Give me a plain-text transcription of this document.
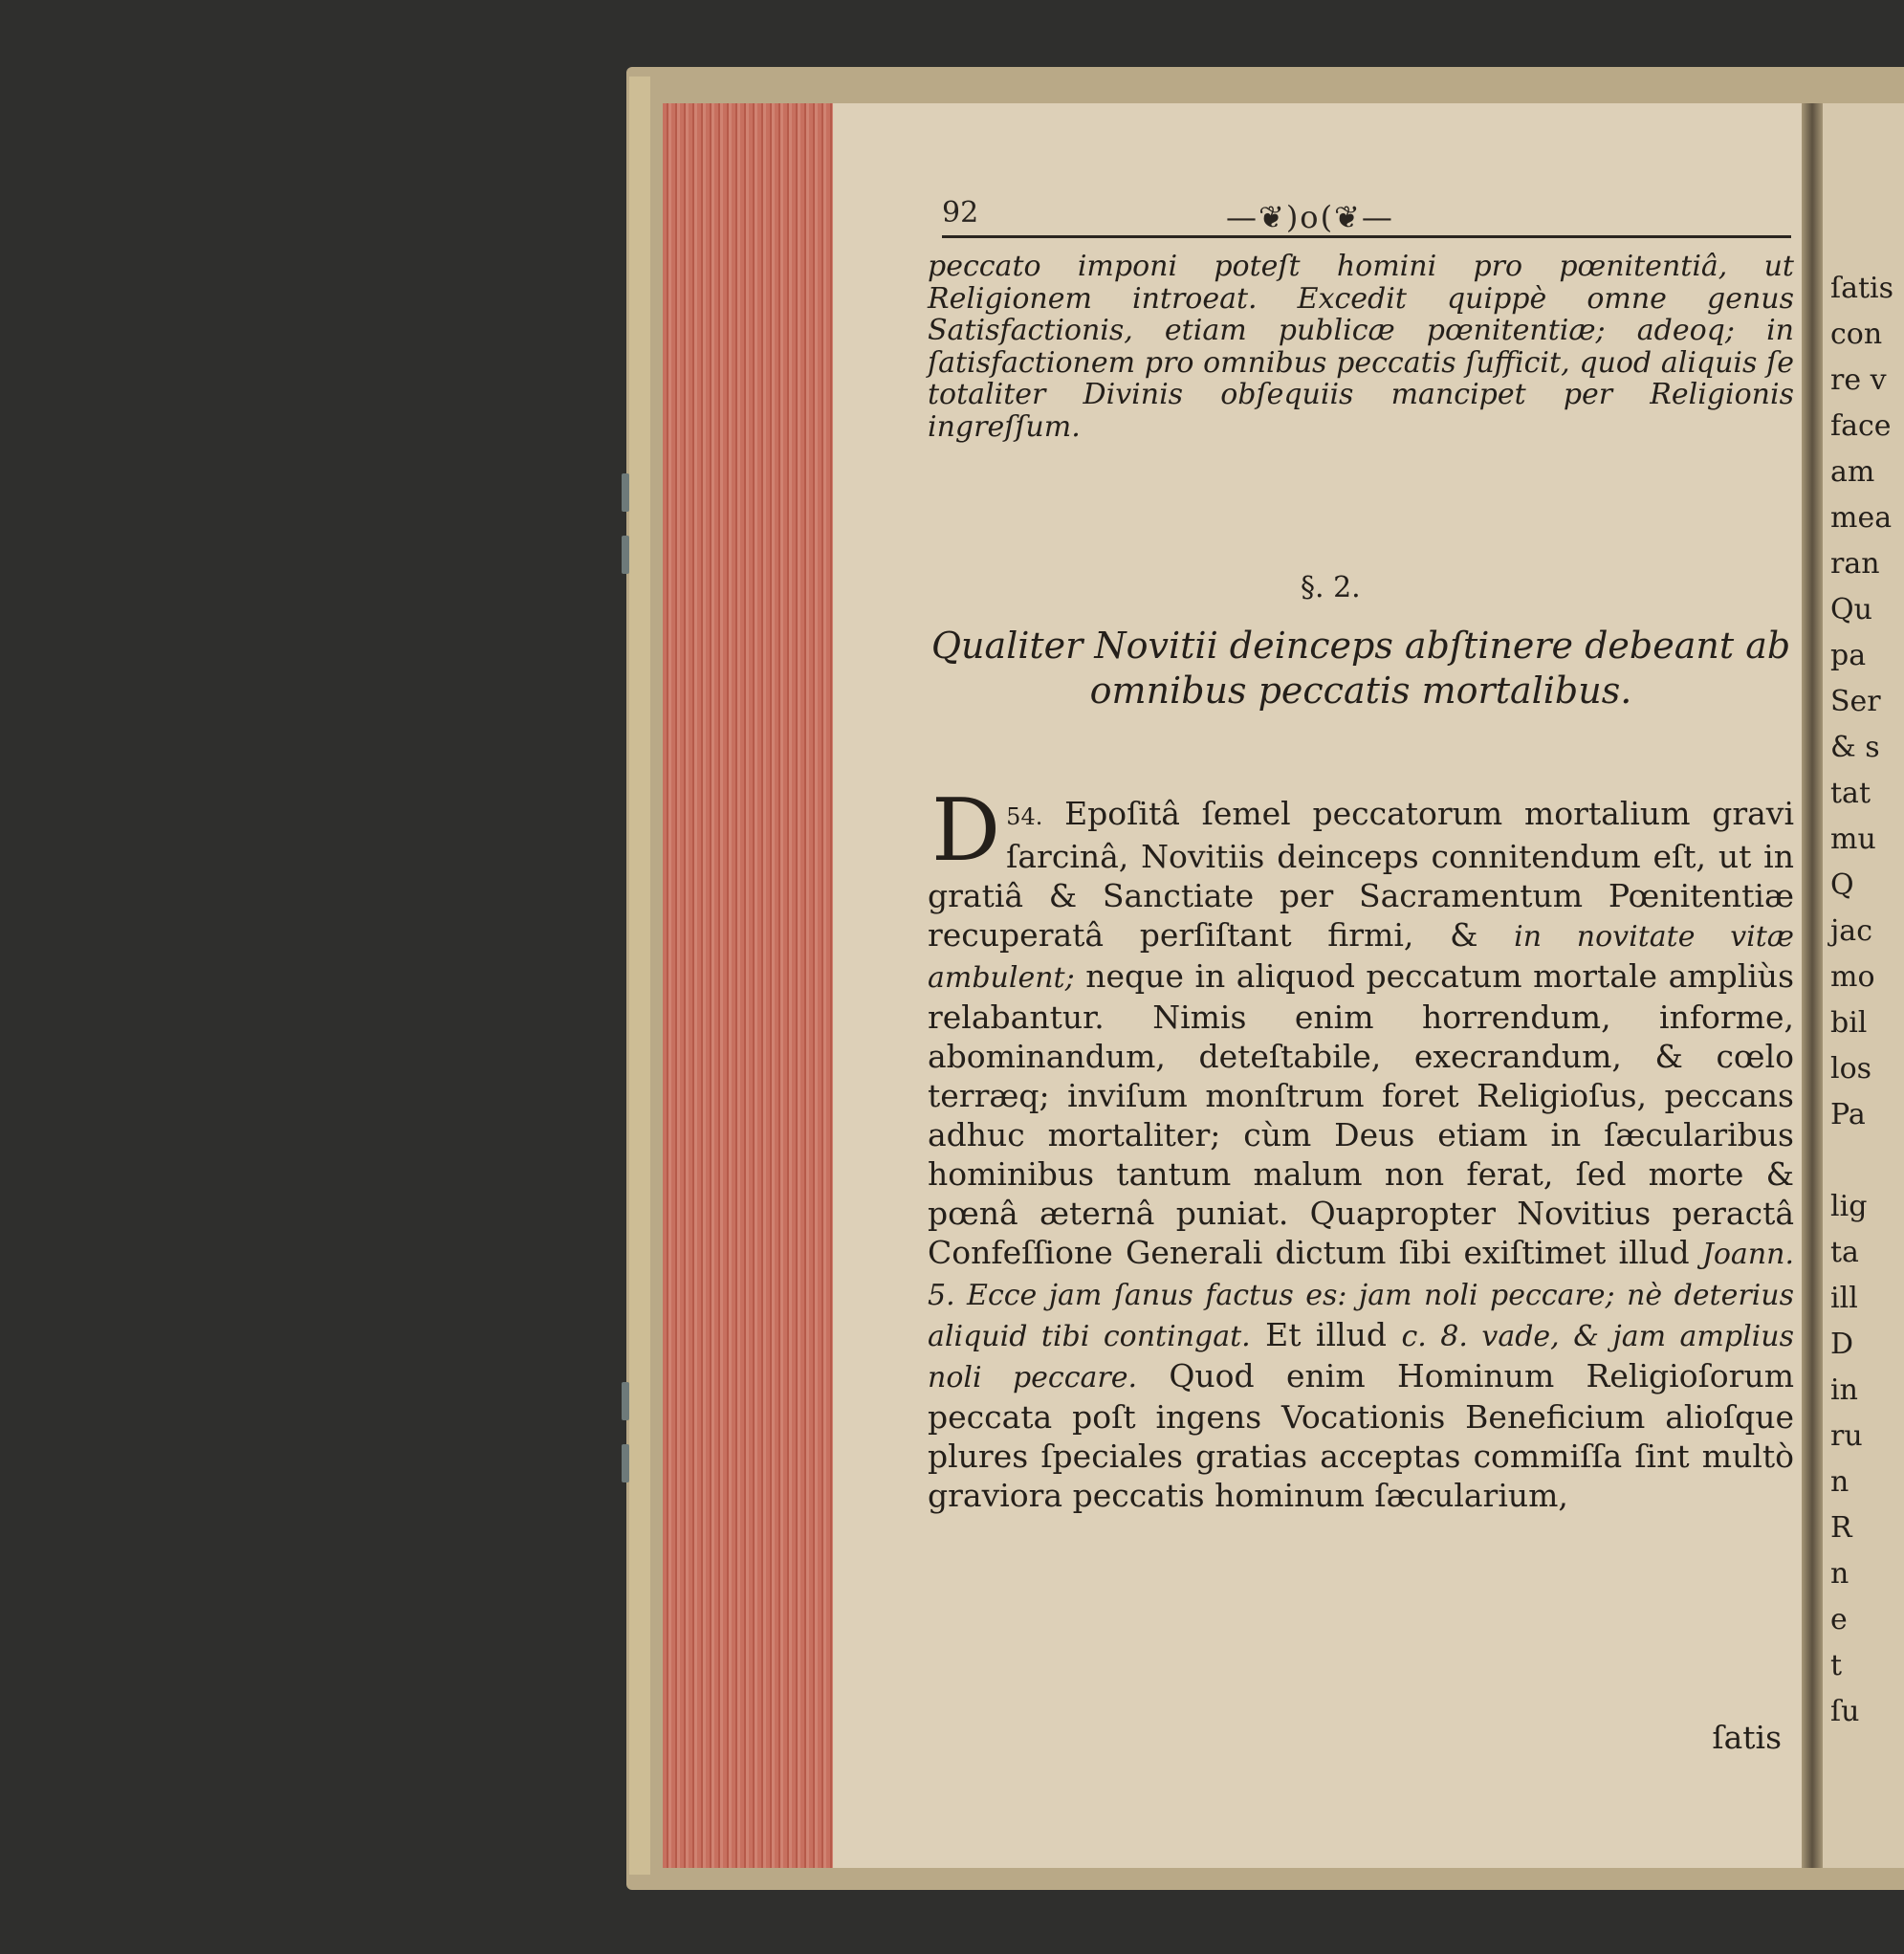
ſatis
con
re v
face
am
mea
ran
Qu
pa
Ser
& s
tat
mu
Q
jac
mo
bil
los
Pa

lig
ta
ill
D
in
ru
n
R
n
e
t
ſu
92	—❦)o(❦—
peccato imponi poteſt homini pro pœnitentiâ, ut Religionem introeat. Excedit quippè omne genus Satisfactionis, etiam publicæ pœnitentiæ; adeoq; in ſatisfactionem pro omnibus peccatis ſufficit, quod aliquis ſe totaliter Divinis obſequiis mancipet per Religionis ingreſſum.
§. 2.
Qualiter Novitii deinceps abſtinere debeant ab omnibus peccatis mortalibus.
54.
D Epoſitâ ſemel peccatorum mortalium gravi ſarcinâ, Novitiis deinceps connitendum eſt, ut in gratiâ & Sanctiate per Sacramentum Pœnitentiæ recuperatâ perſiſtant firmi, & in novitate vitæ ambulent; neque in aliquod peccatum mortale ampliùs relabantur. Nimis enim horrendum, informe, abominandum, deteſtabile, execrandum, & cœlo terræq; inviſum monſtrum foret Religioſus, peccans adhuc mortaliter; cùm Deus etiam in ſæcularibus hominibus tantum malum non ferat, ſed morte & pœnâ æternâ puniat. Quapropter Novitius peractâ Confeſſione Generali dictum ſibi exiſtimet illud Joann. 5. Ecce jam ſanus factus es: jam noli peccare; nè deterius aliquid tibi contingat. Et illud c. 8. vade, & jam amplius noli peccare. Quod enim Hominum Religioſorum peccata poſt ingens Vocationis Beneficium alioſque plures ſpeciales gratias acceptas commiſſa ſint multò graviora peccatis hominum ſæcularium,
ſatis
